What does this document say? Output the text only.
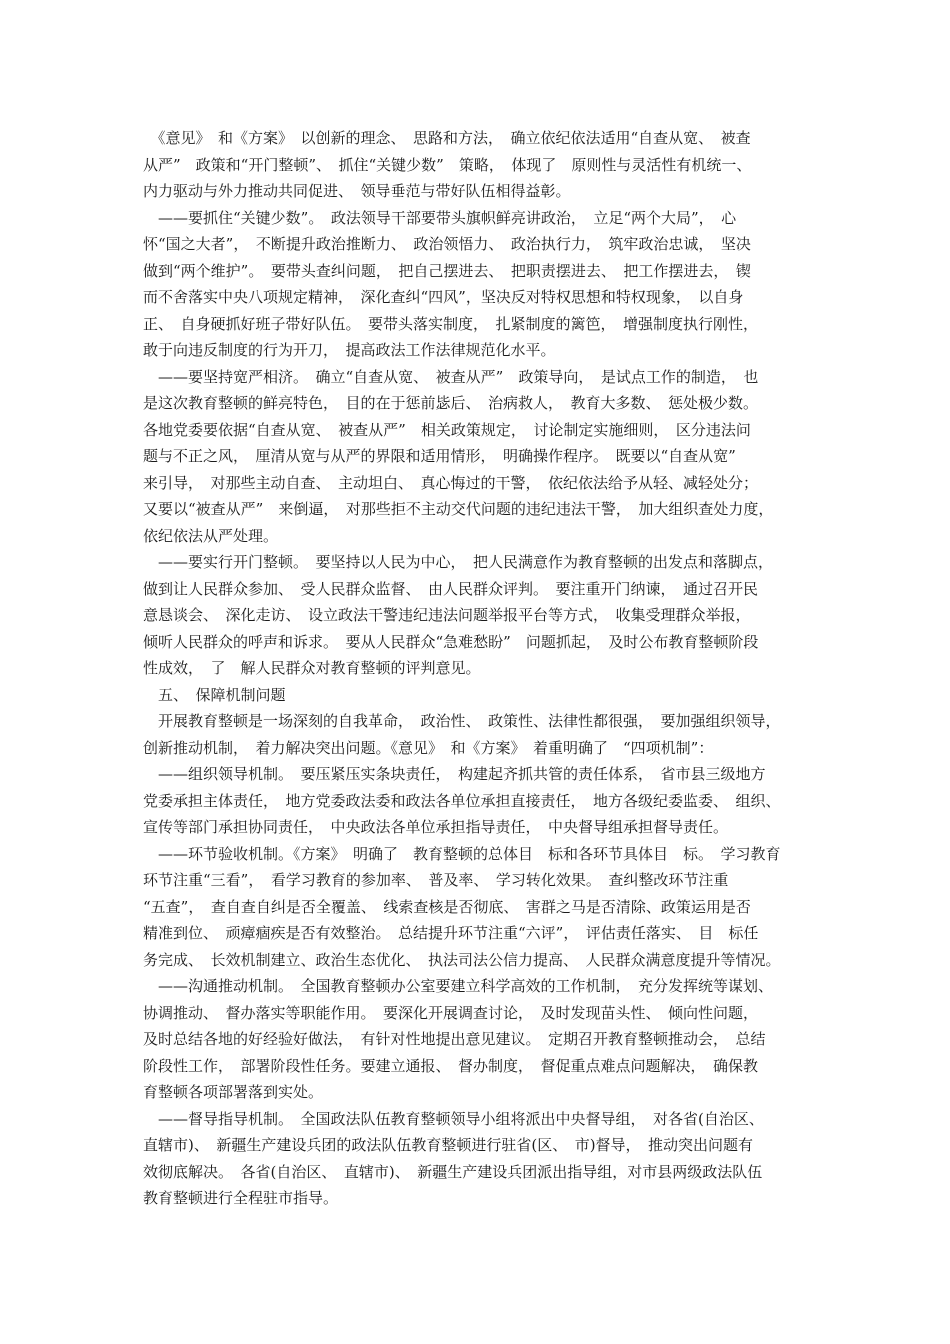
　《意见》　和《方案》　以创新的理念、　思路和方法，　确立依纪依法适用“自查从宽、　被查
从严”　政策和“开门整顿”、　抓住“关键少数”　策略，　体现了　原则性与灵活性有机统一、
内力驱动与外力推动共同促进、　领导垂范与带好队伍相得益彰。
　——要抓住“关键少数”。　政法领导干部要带头旗帜鲜亮讲政治，　立足“两个大局”，　心
怀“国之大者”，　不断提升政治推断力、　政治领悟力、　政治执行力，　筑牢政治忠诚，　坚决
做到“两个维护”。　要带头查纠问题，　把自己摆进去、　把职责摆进去、　把工作摆进去，　锲
而不舍落实中央八项规定精神，　深化查纠“四风”，坚决反对特权思想和特权现象，　以自身
正、　自身硬抓好班子带好队伍。　要带头落实制度，　扎紧制度的篱笆，　增强制度执行刚性，
敢于向违反制度的行为开刀，　提高政法工作法律规范化水平。
　——要坚持宽严相济。　确立“自查从宽、　被查从严”　政策导向，　是试点工作的制造，　也
是这次教育整顿的鲜亮特色，　目的在于惩前毖后、　治病救人，　教育大多数、　惩处极少数。
各地党委要依据“自查从宽、　被查从严”　相关政策规定，　讨论制定实施细则，　区分违法问
题与不正之风，　厘清从宽与从严的界限和适用情形，　明确操作程序。　既要以“自查从宽”
来引导，　对那些主动自查、　主动坦白、　真心悔过的干警，　依纪依法给予从轻、减轻处分；
又要以“被查从严”　来倒逼，　对那些拒不主动交代问题的违纪违法干警，　加大组织查处力度，
依纪依法从严处理。
　——要实行开门整顿。　要坚持以人民为中心，　把人民满意作为教育整顿的出发点和落脚点，
做到让人民群众参加、　受人民群众监督、　由人民群众评判。　要注重开门纳谏，　通过召开民
意恳谈会、　深化走访、　设立政法干警违纪违法问题举报平台等方式，　收集受理群众举报，
倾听人民群众的呼声和诉求。　要从人民群众“急难愁盼”　问题抓起，　及时公布教育整顿阶段
性成效，　了　解人民群众对教育整顿的评判意见。
　五、　保障机制问题
　开展教育整顿是一场深刻的自我革命，　政治性、　政策性、法律性都很强，　要加强组织领导，
创新推动机制，　着力解决突出问题。《意见》　和《方案》　着重明确了　“四项机制”：
　——组织领导机制。　要压紧压实条块责任，　构建起齐抓共管的责任体系，　省市县三级地方
党委承担主体责任，　地方党委政法委和政法各单位承担直接责任，　地方各级纪委监委、　组织、
宣传等部门承担协同责任，　中央政法各单位承担指导责任，　中央督导组承担督导责任。
　——环节验收机制。《方案》　明确了　教育整顿的总体目　标和各环节具体目　标。　学习教育
环节注重“三看”，　看学习教育的参加率、　普及率、　学习转化效果。　查纠整改环节注重
“五查”，　查自查自纠是否全覆盖、　线索查核是否彻底、　害群之马是否清除、政策运用是否
精准到位、　顽瘴痼疾是否有效整治。　总结提升环节注重“六评”，　评估责任落实、　目　标任
务完成、　长效机制建立、政治生态优化、　执法司法公信力提高、　人民群众满意度提升等情况。
　——沟通推动机制。　全国教育整顿办公室要建立科学高效的工作机制，　充分发挥统等谋划、
协调推动、　督办落实等职能作用。　要深化开展调查讨论，　及时发现苗头性、　倾向性问题，
及时总结各地的好经验好做法，　有针对性地提出意见建议。　定期召开教育整顿推动会，　总结
阶段性工作，　部署阶段性任务。要建立通报、　督办制度，　督促重点难点问题解决，　确保教
育整顿各项部署落到实处。
　——督导指导机制。　全国政法队伍教育整顿领导小组将派出中央督导组，　对各省(自治区、
直辖市)、　新疆生产建设兵团的政法队伍教育整顿进行驻省(区、　市)督导，　推动突出问题有
效彻底解决。　各省(自治区、　直辖市)、　新疆生产建设兵团派出指导组，对市县两级政法队伍
教育整顿进行全程驻市指导。
